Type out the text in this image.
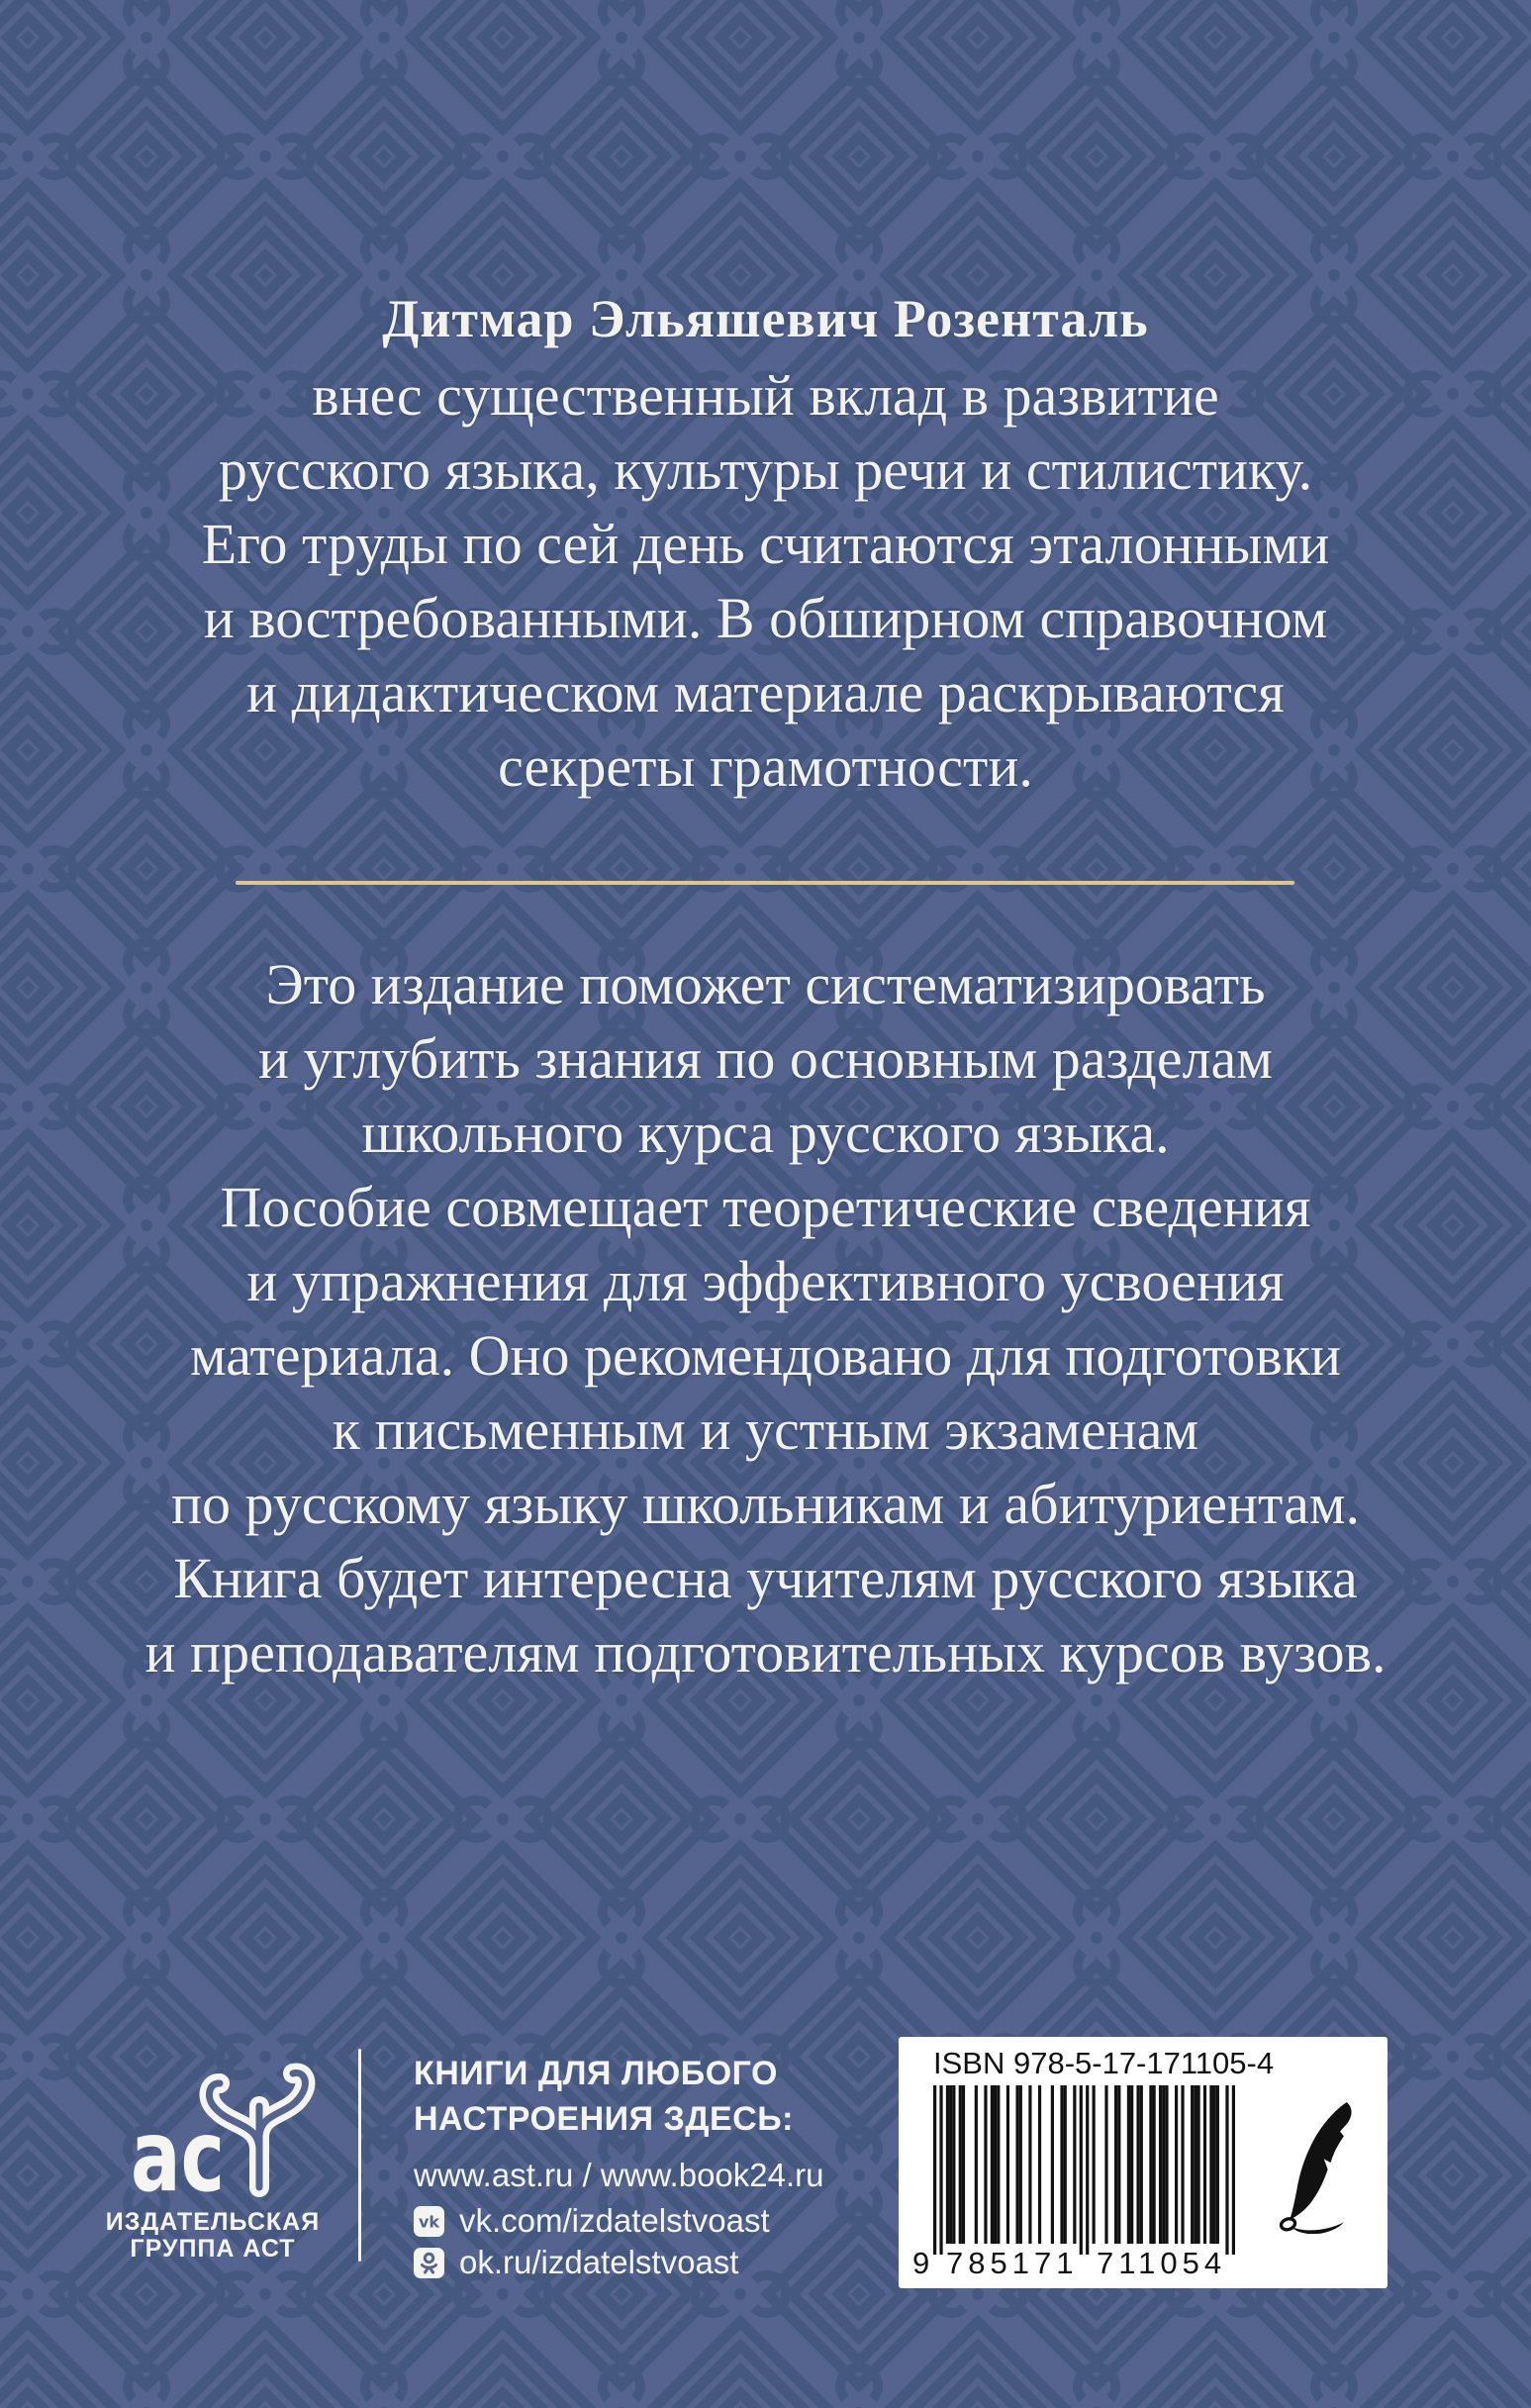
Дитмар Эльяшевич Розенталь
внес существенный вклад в развитие
русского языка, культуры речи и стилистику.
Его труды по сей день считаются эталонными
и востребованными. В обширном справочном
и дидактическом материале раскрываются
секреты грамотности.
Это издание поможет систематизировать
и углубить знания по основным разделам
школьного курса русского языка.
Пособие совмещает теоретические сведения
и упражнения для эффективного усвоения
материала. Оно рекомендовано для подготовки
к письменным и устным экзаменам
по русскому языку школьникам и абитуриентам.
Книга будет интересна учителям русского языка
и преподавателям подготовительных курсов вузов.
ас
ИЗДАТЕЛЬСКАЯ
ГРУППА АСТ
КНИГИ ДЛЯ ЛЮБОГО
НАСТРОЕНИЯ ЗДЕСЬ:
www.ast.ru / www.book24.ru
vk vk.com/izdatelstvoast
ok.ru/izdatelstvoast
ISBN 978-5-17-171105-4
9 785171 711054
